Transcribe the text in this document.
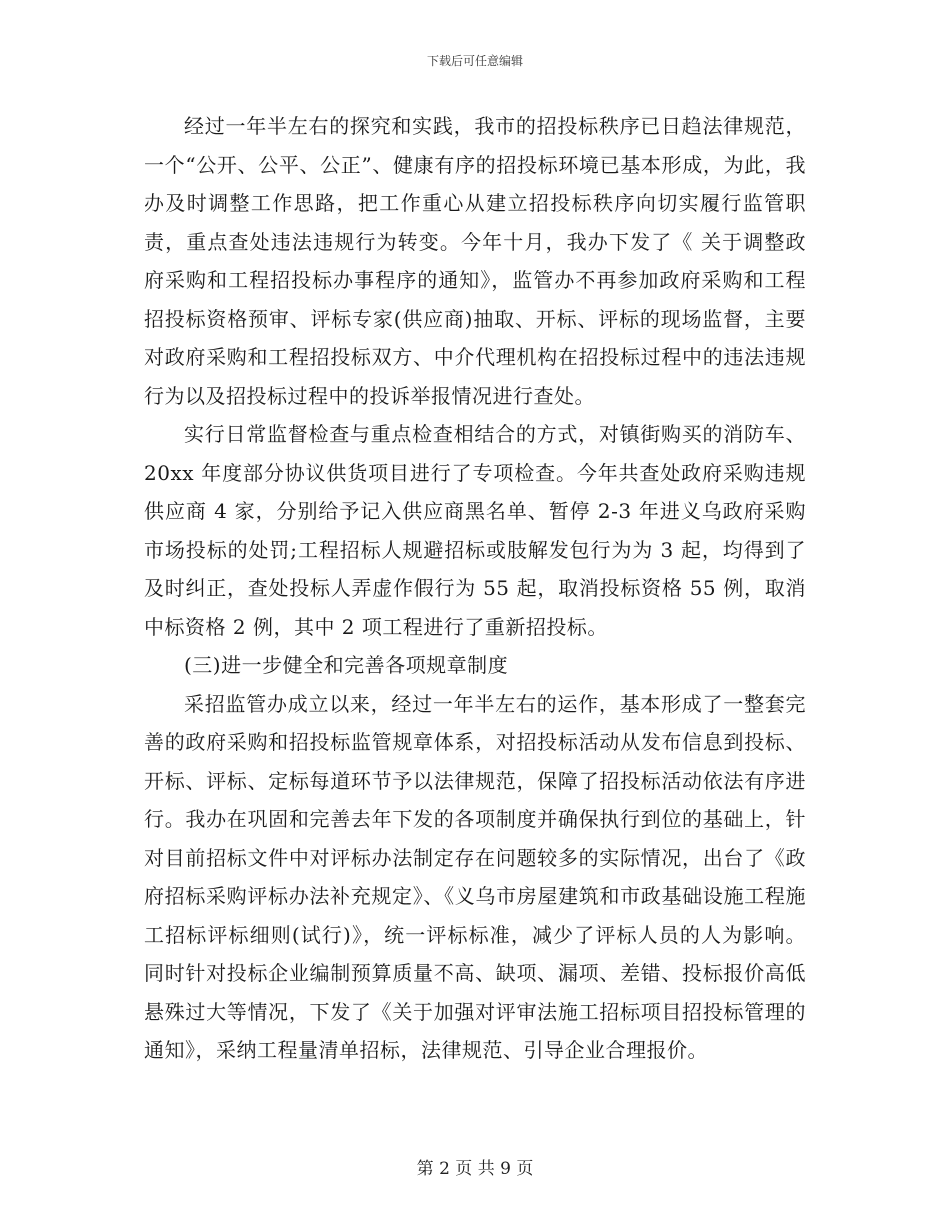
下载后可任意编辑

经过一年半左右的探究和实践，我市的招投标秩序已日趋法律规范，一个“公开、公平、公正”、健康有序的招投标环境已基本形成，为此，我办及时调整工作思路，把工作重心从建立招投标秩序向切实履行监管职责，重点查处违法违规行为转变。今年十月，我办下发了《 关于调整政府采购和工程招投标办事程序的通知》，监管办不再参加政府采购和工程招投标资格预审、评标专家(供应商)抽取、开标、评标的现场监督，主要对政府采购和工程招投标双方、中介代理机构在招投标过程中的违法违规行为以及招投标过程中的投诉举报情况进行查处。

实行日常监督检查与重点检查相结合的方式，对镇街购买的消防车、20xx 年度部分协议供货项目进行了专项检查。今年共查处政府采购违规供应商 4 家，分别给予记入供应商黑名单、暂停 2-3 年进义乌政府采购市场投标的处罚;工程招标人规避招标或肢解发包行为为 3 起，均得到了及时纠正，查处投标人弄虚作假行为 55 起，取消投标资格 55 例，取消中标资格 2 例，其中 2 项工程进行了重新招投标。

(三)进一步健全和完善各项规章制度

采招监管办成立以来，经过一年半左右的运作，基本形成了一整套完善的政府采购和招投标监管规章体系，对招投标活动从发布信息到投标、开标、评标、定标每道环节予以法律规范，保障了招投标活动依法有序进行。我办在巩固和完善去年下发的各项制度并确保执行到位的基础上，针对目前招标文件中对评标办法制定存在问题较多的实际情况，出台了《政府招标采购评标办法补充规定》、《义乌市房屋建筑和市政基础设施工程施工招标评标细则(试行)》，统一评标标准，减少了评标人员的人为影响。同时针对投标企业编制预算质量不高、缺项、漏项、差错、投标报价高低悬殊过大等情况，下发了《关于加强对评审法施工招标项目招投标管理的通知》，采纳工程量清单招标，法律规范、引导企业合理报价。

第 2 页 共 9 页
